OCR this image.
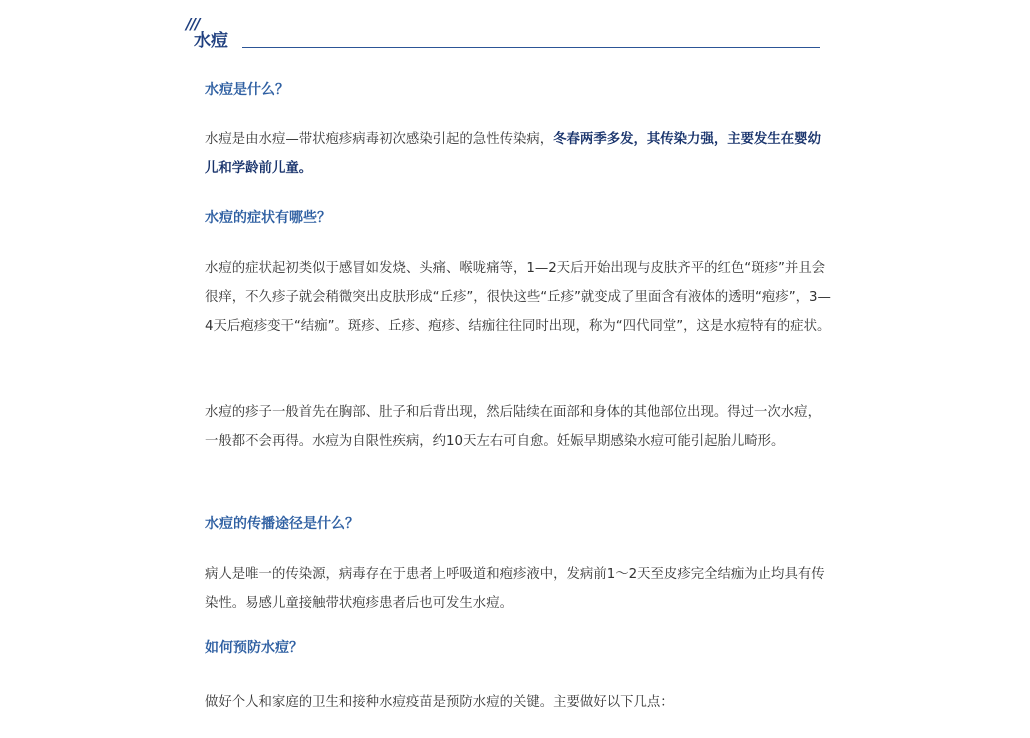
///
水痘

水痘是什么？

水痘是由水痘—带状疱疹病毒初次感染引起的急性传染病，冬春两季多发，其传染力强，主要发生在婴幼儿和学龄前儿童。

水痘的症状有哪些？

水痘的症状起初类似于感冒如发烧、头痛、喉咙痛等，1—2天后开始出现与皮肤齐平的红色“斑疹”并且会很痒，不久疹子就会稍微突出皮肤形成“丘疹”，很快这些“丘疹”就变成了里面含有液体的透明“疱疹”，3—4天后疱疹变干“结痂”。斑疹、丘疹、疱疹、结痂往往同时出现，称为“四代同堂”，这是水痘特有的症状。

水痘的疹子一般首先在胸部、肚子和后背出现，然后陆续在面部和身体的其他部位出现。得过一次水痘，一般都不会再得。水痘为自限性疾病，约10天左右可自愈。妊娠早期感染水痘可能引起胎儿畸形。

水痘的传播途径是什么？

病人是唯一的传染源，病毒存在于患者上呼吸道和疱疹液中，发病前1～2天至皮疹完全结痂为止均具有传染性。易感儿童接触带状疱疹患者后也可发生水痘。

如何预防水痘？

做好个人和家庭的卫生和接种水痘疫苗是预防水痘的关键。主要做好以下几点：
